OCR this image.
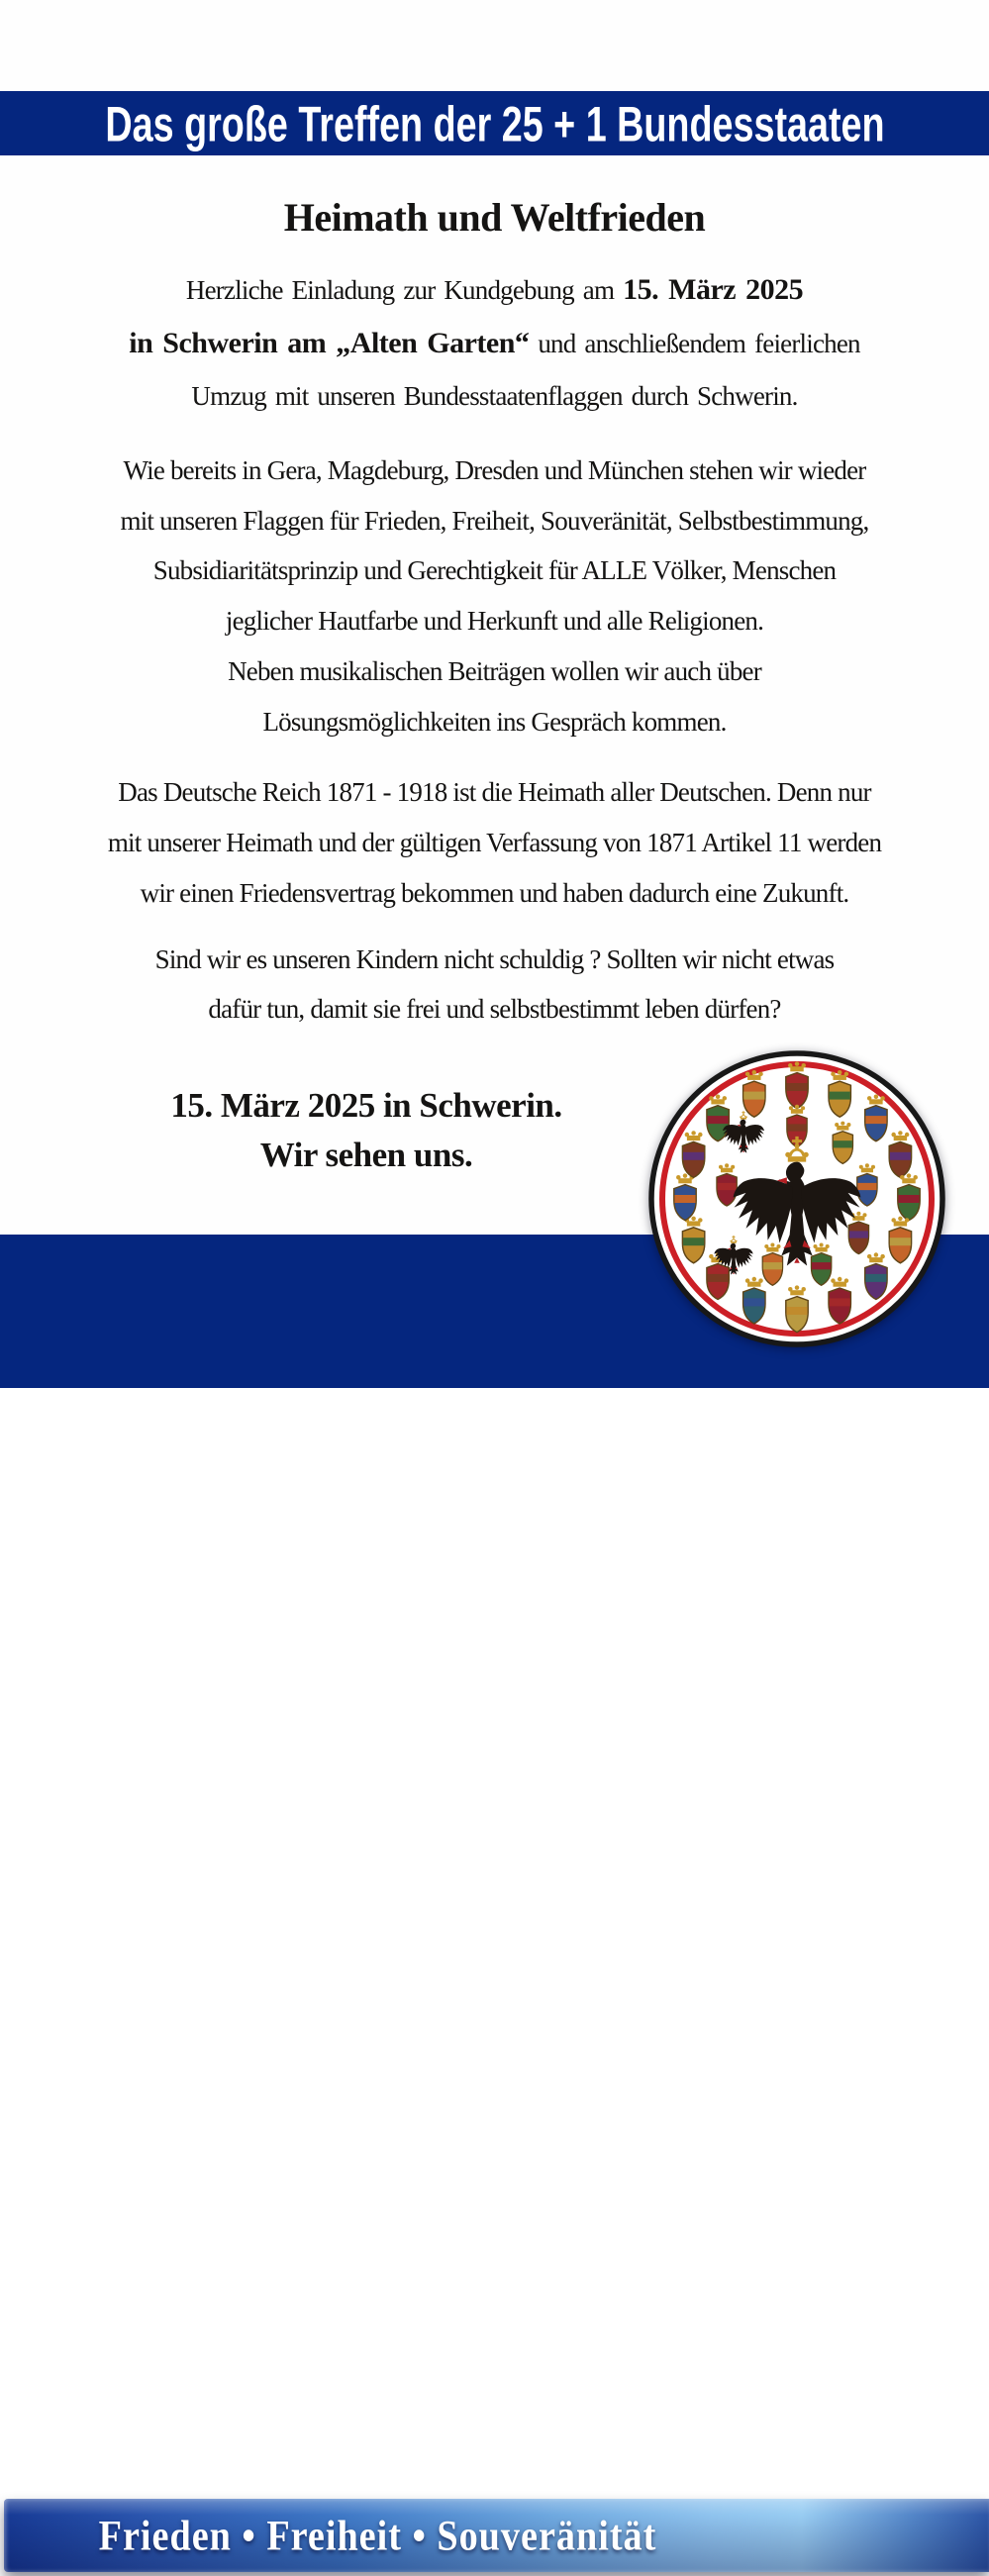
Das große Treffen der 25 + 1 Bundesstaaten
Heimath und Weltfrieden
Herzliche Einladung zur Kundgebung am 15. März 2025
in Schwerin am „Alten Garten“ und anschließendem feierlichen
Umzug mit unseren Bundesstaatenflaggen durch Schwerin.
Wie bereits in Gera, Magdeburg, Dresden und München stehen wir wieder
mit unseren Flaggen für Frieden, Freiheit, Souveränität, Selbstbestimmung,
Subsidiaritätsprinzip und Gerechtigkeit für ALLE Völker, Menschen
jeglicher Hautfarbe und Herkunft und alle Religionen.
Neben musikalischen Beiträgen wollen wir auch über
Lösungsmöglichkeiten ins Gespräch kommen.
Das Deutsche Reich 1871 - 1918 ist die Heimath aller Deutschen. Denn nur
mit unserer Heimath und der gültigen Verfassung von 1871 Artikel 11 werden
wir einen Friedensvertrag bekommen und haben dadurch eine Zukunft.
Sind wir es unseren Kindern nicht schuldig ? Sollten wir nicht etwas
dafür tun, damit sie frei und selbstbestimmt leben dürfen?
15. März 2025 in Schwerin.
Wir sehen uns.
Frieden • Freiheit • Souveränität
